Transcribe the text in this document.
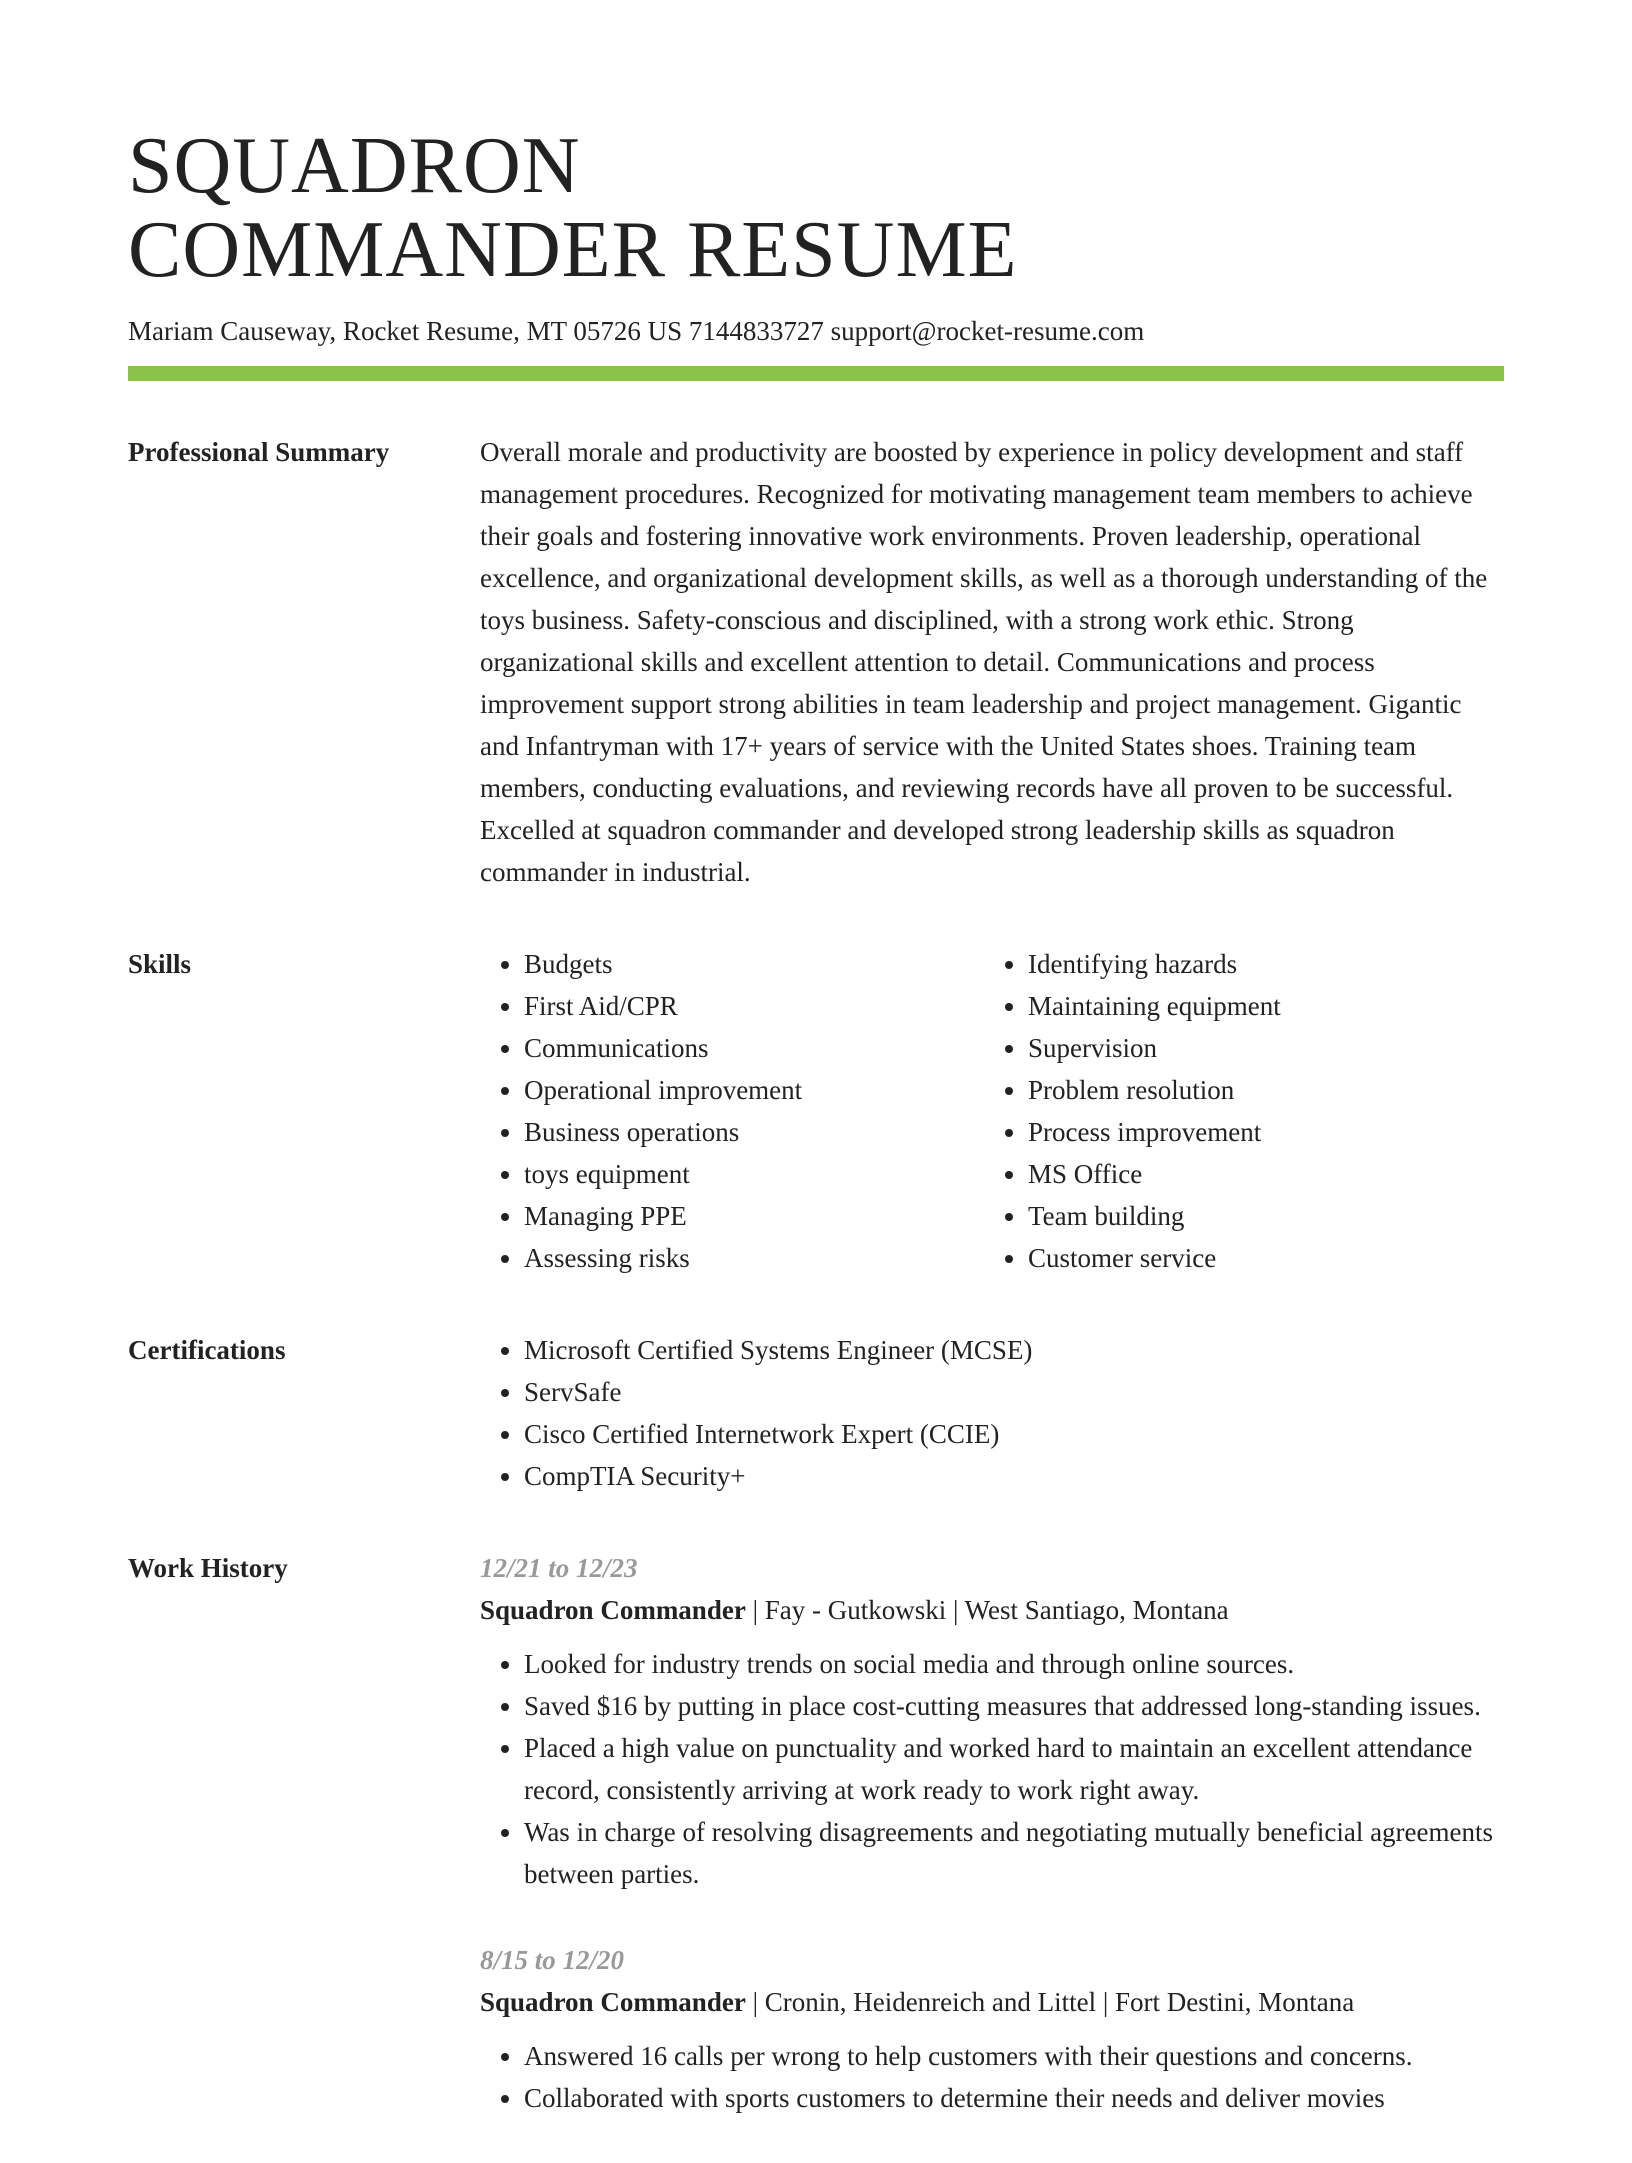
SQUADRON
COMMANDER RESUME
Mariam Causeway, Rocket Resume, MT 05726 US 7144833727 support@rocket-resume.com
Professional Summary	Overall morale and productivity are boosted by experience in policy development and staff management procedures. Recognized for motivating management team members to achieve their goals and fostering innovative work environments. Proven leadership, operational excellence, and organizational development skills, as well as a thorough understanding of the toys business. Safety-conscious and disciplined, with a strong work ethic. Strong organizational skills and excellent attention to detail. Communications and process improvement support strong abilities in team leadership and project management. Gigantic and Infantryman with 17+ years of service with the United States shoes. Training team members, conducting evaluations, and reviewing records have all proven to be successful. Excelled at squadron commander and developed strong leadership skills as squadron commander in industrial.

Skills	• Budgets
• First Aid/CPR
• Communications
• Operational improvement
• Business operations
• toys equipment
• Managing PPE
• Assessing risks
• Identifying hazards
• Maintaining equipment
• Supervision
• Problem resolution
• Process improvement
• MS Office
• Team building
• Customer service
Certifications	• Microsoft Certified Systems Engineer (MCSE)
• ServSafe
• Cisco Certified Internetwork Expert (CCIE)
• CompTIA Security+
Work History	12/21 to 12/23
Squadron Commander | Fay - Gutkowski | West Santiago, Montana
• Looked for industry trends on social media and through online sources.
• Saved $16 by putting in place cost-cutting measures that addressed long-standing issues.
• Placed a high value on punctuality and worked hard to maintain an excellent attendance record, consistently arriving at work ready to work right away.
• Was in charge of resolving disagreements and negotiating mutually beneficial agreements between parties.
8/15 to 12/20
Squadron Commander | Cronin, Heidenreich and Littel | Fort Destini, Montana
• Answered 16 calls per wrong to help customers with their questions and concerns.
• Collaborated with sports customers to determine their needs and deliver movies
